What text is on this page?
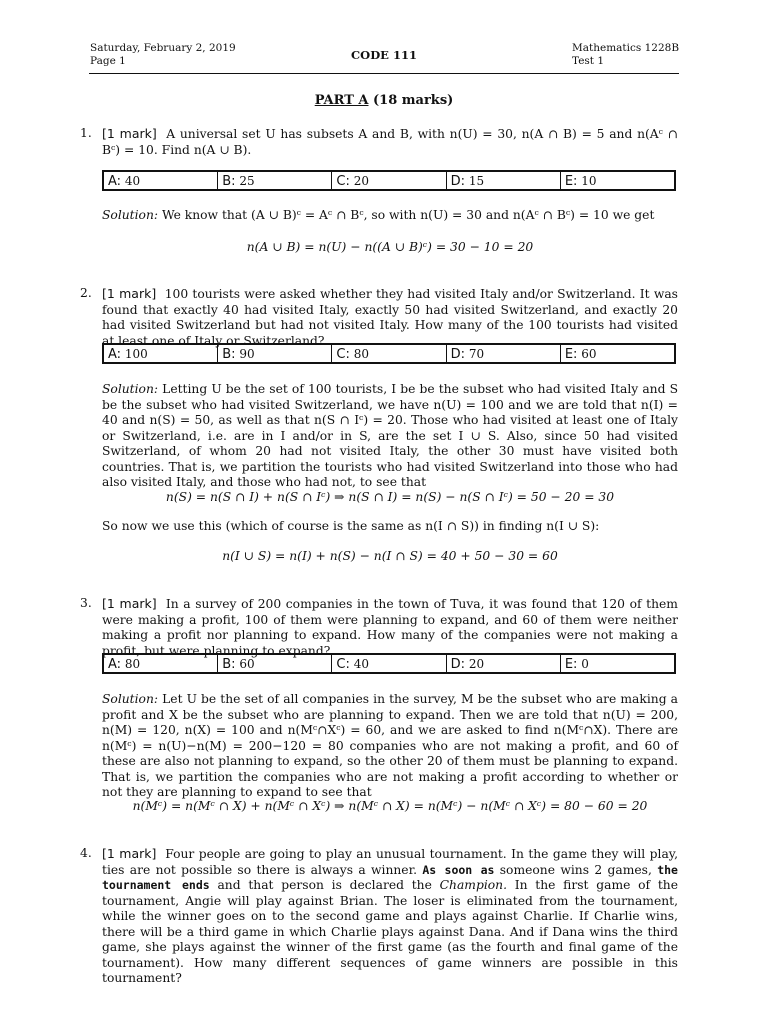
Saturday, February 2, 2019
Page 1	CODE 111	Mathematics 1228B
Test 1
PART A (18 marks)
1. [1 mark] A universal set U has subsets A and B, with n(U) = 30, n(A ∩ B) = 5 and n(Aᶜ ∩ Bᶜ) = 10. Find n(A ∪ B).
A: 40	B: 25	C: 20	D: 15	E: 10
Solution: We know that (A ∪ B)ᶜ = Aᶜ ∩ Bᶜ, so with n(U) = 30 and n(Aᶜ ∩ Bᶜ) = 10 we get
n(A ∪ B) = n(U) − n((A ∪ B)ᶜ) = 30 − 10 = 20
2. [1 mark] 100 tourists were asked whether they had visited Italy and/or Switzerland. It was found that exactly 40 had visited Italy, exactly 50 had visited Switzerland, and exactly 20 had visited Switzerland but had not visited Italy. How many of the 100 tourists had visited at least one of Italy or Switzerland?
A: 100	B: 90	C: 80	D: 70	E: 60
Solution: Letting U be the set of 100 tourists, I be be the subset who had visited Italy and S be the subset who had visited Switzerland, we have n(U) = 100 and we are told that n(I) = 40 and n(S) = 50, as well as that n(S ∩ Iᶜ) = 20. Those who had visited at least one of Italy or Switzerland, i.e. are in I and/or in S, are the set I ∪ S. Also, since 50 had visited Switzerland, of whom 20 had not visited Italy, the other 30 must have visited both countries. That is, we partition the tourists who had visited Switzerland into those who had also visited Italy, and those who had not, to see that
n(S) = n(S ∩ I) + n(S ∩ Iᶜ) ⇒ n(S ∩ I) = n(S) − n(S ∩ Iᶜ) = 50 − 20 = 30
So now we use this (which of course is the same as n(I ∩ S)) in finding n(I ∪ S):
n(I ∪ S) = n(I) + n(S) − n(I ∩ S) = 40 + 50 − 30 = 60
3. [1 mark] In a survey of 200 companies in the town of Tuva, it was found that 120 of them were making a profit, 100 of them were planning to expand, and 60 of them were neither making a profit nor planning to expand. How many of the companies were not making a profit, but were planning to expand?
A: 80	B: 60	C: 40	D: 20	E: 0
Solution: Let U be the set of all companies in the survey, M be the subset who are making a profit and X be the subset who are planning to expand. Then we are told that n(U) = 200, n(M) = 120, n(X) = 100 and n(Mᶜ∩Xᶜ) = 60, and we are asked to find n(Mᶜ∩X). There are n(Mᶜ) = n(U)−n(M) = 200−120 = 80 companies who are not making a profit, and 60 of these are also not planning to expand, so the other 20 of them must be planning to expand. That is, we partition the companies who are not making a profit according to whether or not they are planning to expand to see that
n(Mᶜ) = n(Mᶜ ∩ X) + n(Mᶜ ∩ Xᶜ) ⇒ n(Mᶜ ∩ X) = n(Mᶜ) − n(Mᶜ ∩ Xᶜ) = 80 − 60 = 20
4. [1 mark] Four people are going to play an unusual tournament. In the game they will play, ties are not possible so there is always a winner. As soon as someone wins 2 games, the tournament ends and that person is declared the Champion. In the first game of the tournament, Angie will play against Brian. The loser is eliminated from the tournament, while the winner goes on to the second game and plays against Charlie. If Charlie wins, there will be a third game in which Charlie plays against Dana. And if Dana wins the third game, she plays against the winner of the first game (as the fourth and final game of the tournament). How many different sequences of game winners are possible in this tournament?
